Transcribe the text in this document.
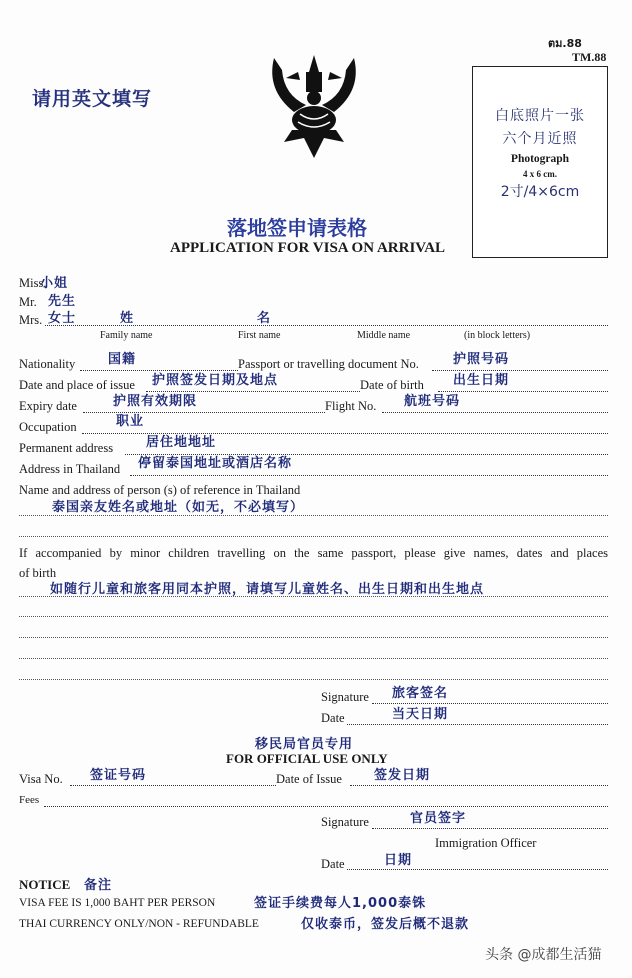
请用英文填写
ตม.88
TM.88
白底照片一张
六个月近照
Photograph
4 x 6 cm.
2寸/4×6cm
落地签申请表格
APPLICATION FOR VISA ON ARRIVAL
Miss.
小姐
Mr. 先生
Mrs. 女士	姓	名
Family name	First name	Middle name	(in block letters)
Nationality	国籍	Passport or travelling document No.	护照号码
Date and place of issue 护照签发日期及地点	Date of birth 出生日期
Expiry date	护照有效期限	Flight No. 航班号码
Occupation	职业
Permanent address	居住地地址
Address in Thailand 停留泰国地址或酒店名称
Name and address of person (s) of reference in Thailand
泰国亲友姓名或地址（如无，不必填写）
If accompanied by minor children travelling on the same passport, please give names, dates and places
of birth
如随行儿童和旅客用同本护照，请填写儿童姓名、出生日期和出生地点
Signature 旅客签名
Date	当天日期
移民局官员专用
FOR OFFICIAL USE ONLY
Visa No. 签证号码	Date of Issue 签发日期
Fees
Signature	官员签字
Immigration Officer
Date	日期
NOTICE 备注
VISA FEE IS 1,000 BAHT PER PERSON	签证手续费每人1,000泰铢
THAI CURRENCY ONLY/NON - REFUNDABLE	仅收泰币，签发后概不退款
头条 @成都生活猫
